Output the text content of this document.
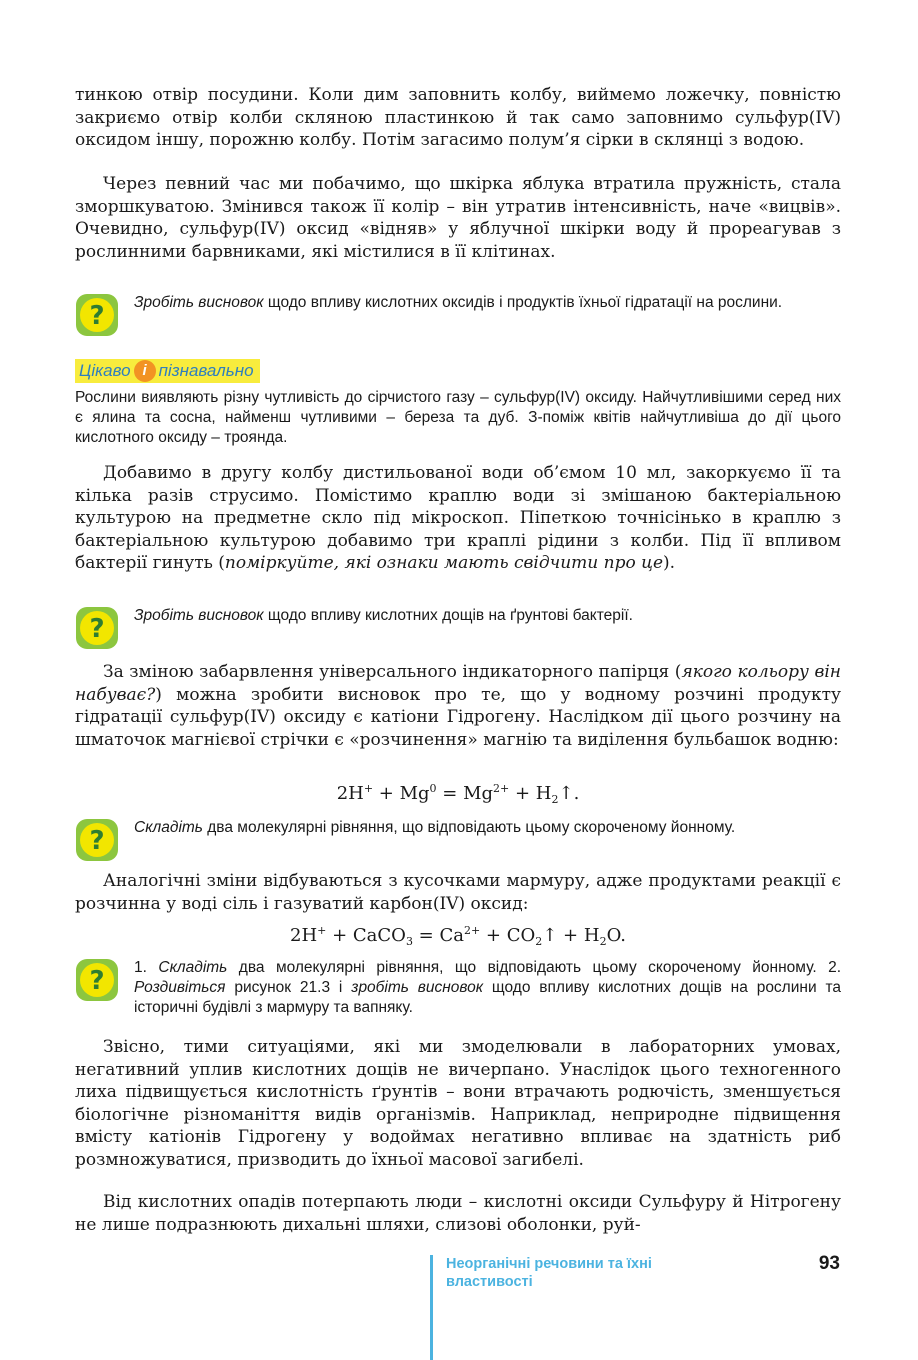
тинкою отвір посудини. Коли дим заповнить колбу, виймемо ложечку, повністю закриємо отвір колби скляною пластинкою й так само заповнимо сульфур(IV) оксидом іншу, порожню колбу. Потім загасимо полум’я сірки в склянці з водою.

Через певний час ми побачимо, що шкірка яблука втратила пружність, стала зморшкуватою. Змінився також її колір – він утратив інтенсивність, наче «вицвів». Очевидно, сульфур(IV) оксид «відняв» у яблучної шкірки воду й прореагував з рослинними барвниками, які містилися в її клітинах.

? Зробіть висновок щодо впливу кислотних оксидів і продуктів їхньої гідратації на рослини.

Цікаво і пізнавально

Рослини виявляють різну чутливість до сірчистого газу – сульфур(IV) оксиду. Найчутливішими серед них є ялина та сосна, найменш чутливими – береза та дуб. З-поміж квітів найчутливіша до дії цього кислотного оксиду – троянда.

Добавимо в другу колбу дистильованої води об’ємом 10 мл, закоркуємо її та кілька разів струсимо. Помістимо краплю води зі змішаною бактеріальною культурою на предметне скло під мікроскоп. Піпеткою точнісінько в краплю з бактеріальною культурою добавимо три краплі рідини з колби. Під її впливом бактерії гинуть (поміркуйте, які ознаки мають свідчити про це).

? Зробіть висновок щодо впливу кислотних дощів на ґрунтові бактерії.

За зміною забарвлення універсального індикаторного папірця (якого кольору він набуває?) можна зробити висновок про те, що у водному розчині продукту гідратації сульфур(IV) оксиду є катіони Гідрогену. Наслідком дії цього розчину на шматочок магнієвої стрічки є «розчинення» магнію та виділення бульбашок водню:

$2H^+ + Mg^0 = Mg^{2+}$ + $H_2↑$.
? Складіть два молекулярні рівняння, що відповідають цьому скороченому йонному.

Аналогічні зміни відбуваються з кусочками мармуру, адже продуктами реакції є розчинна у воді сіль і газуватий карбон(IV) оксид:

2H+ + CaCO$_3$ = $Ca^{2+}$ + $CO_2↑ + H_2O$.
? 1. Складіть два молекулярні рівняння, що відповідають цьому скороченому йонному. 2. Роздивіться рисунок 21.3 і зробіть висновок щодо впливу кислотних дощів на рослини та історичні будівлі з мармуру та вапняку.

Звісно, тими ситуаціями, які ми змоделювали в лабораторних умовах, негативний уплив кислотних дощів не вичерпано. Унаслідок цього техногенного лиха підвищується кислотність ґрунтів – вони втрачають родючість, зменшується біологічне різноманіття видів організмів. Наприклад, неприродне підвищення вмісту катіонів Гідрогену у водоймах негативно впливає на здатність риб розмножуватися, призводить до їхньої масової загибелі.

Від кислотних опадів потерпають люди – кислотні оксиди Сульфуру й Нітрогену не лише подразнюють дихальні шляхи, слизові оболонки, руй-

Неорганічні речовини та їхні властивості
93
